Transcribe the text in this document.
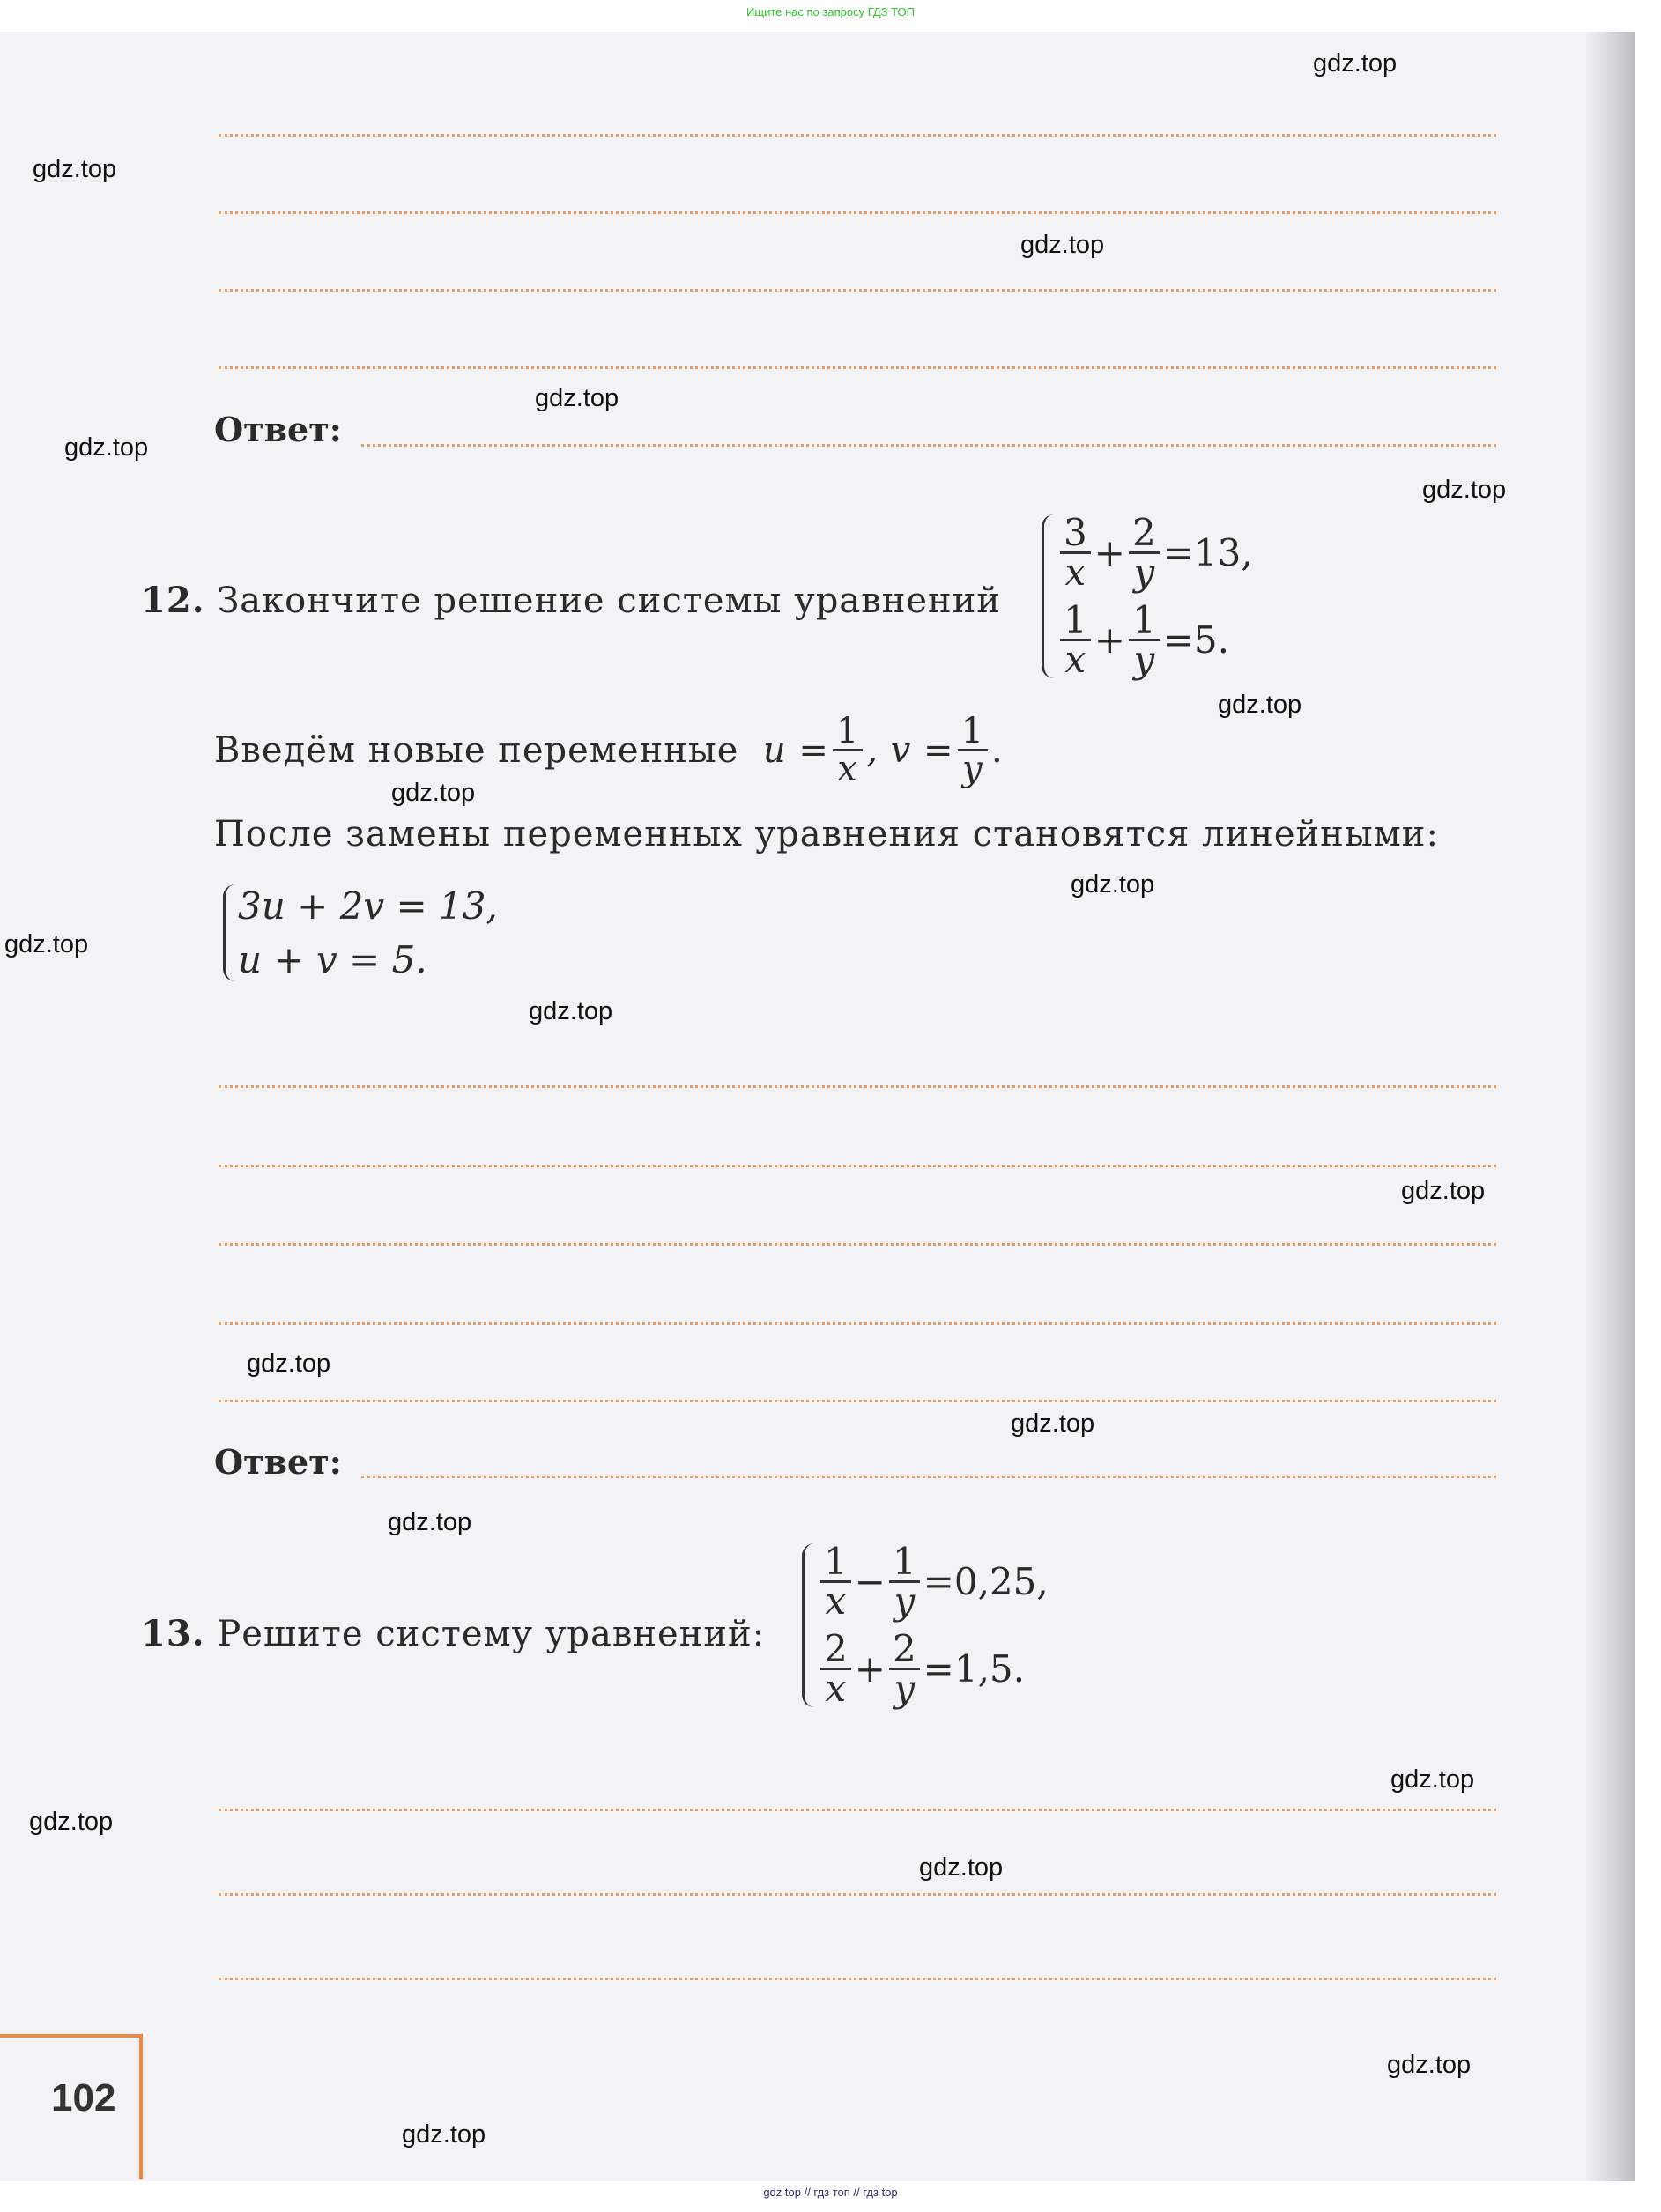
Ищите нас по запросу ГДЗ ТОП
Ответ:
12. Закончите решение системы уравнений
3
$x + \frac{2}{y} =13$,
1
$x + \frac{1}{y} =5$.
Введём новые переменные
$u = \frac{1}{x}$ , $v = \frac{1}{y}$ .
После замены переменных уравнения становятся линейными:
3u + 2v = 13,
u + v = 5.
Ответ:
13. Решите систему уравнений:
1
$x - \frac{1}{y} =0,25$,
2
$x + \frac{2}{y} =1,5$.
102
gdz.top
gdz.top
gdz.top
gdz.top
gdz.top
gdz.top
gdz.top
gdz.top
gdz.top
gdz.top
gdz.top
gdz.top
gdz.top
gdz.top
gdz.top
gdz.top
gdz.top
gdz.top
gdz.top
gdz.top
gdz top // гдз топ // гдз top
